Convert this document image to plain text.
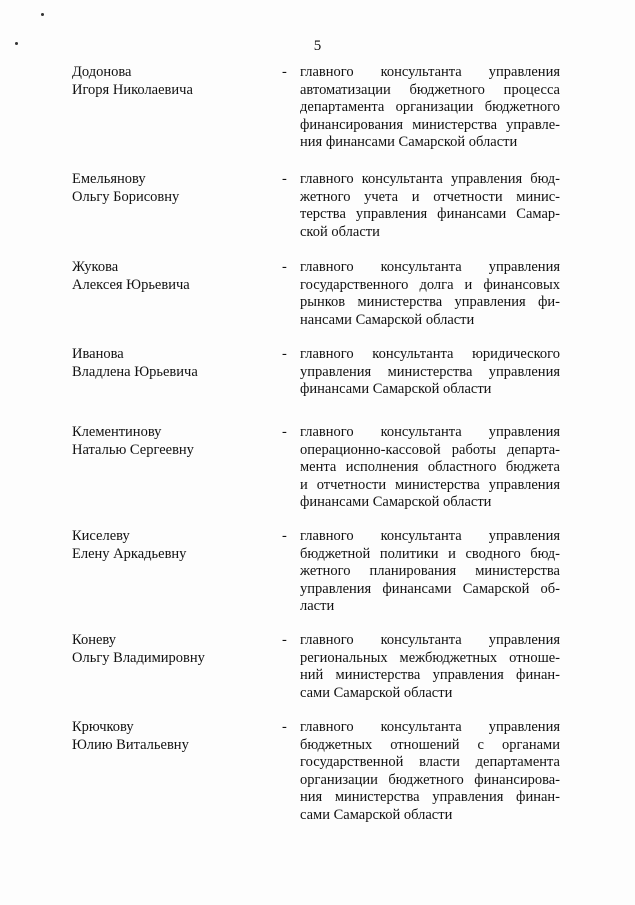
5
Додонова
Игоря Николаевича
- главного консультанта управления
автоматизации бюджетного процесса
департамента организации бюджетного
финансирования министерства управле-
ния финансами Самарской области
Емельянову
Ольгу Борисовну
- главного консультанта управления бюд-
жетного учета и отчетности минис-
терства управления финансами Самар-
ской области
Жукова
Алексея Юрьевича
- главного консультанта управления
государственного долга и финансовых
рынков министерства управления фи-
нансами Самарской области
Иванова
Владлена Юрьевича
- главного консультанта юридического
управления министерства управления
финансами Самарской области
Клементинову
Наталью Сергеевну
- главного консультанта управления
операционно-кассовой работы департа-
мента исполнения областного бюджета
и отчетности министерства управления
финансами Самарской области
Киселеву
Елену Аркадьевну
- главного консультанта управления
бюджетной политики и сводного бюд-
жетного планирования министерства
управления финансами Самарской об-
ласти
Коневу
Ольгу Владимировну
- главного консультанта управления
региональных межбюджетных отноше-
ний министерства управления финан-
сами Самарской области
Крючкову
Юлию Витальевну
- главного консультанта управления
бюджетных отношений с органами
государственной власти департамента
организации бюджетного финансирова-
ния министерства управления финан-
сами Самарской области
